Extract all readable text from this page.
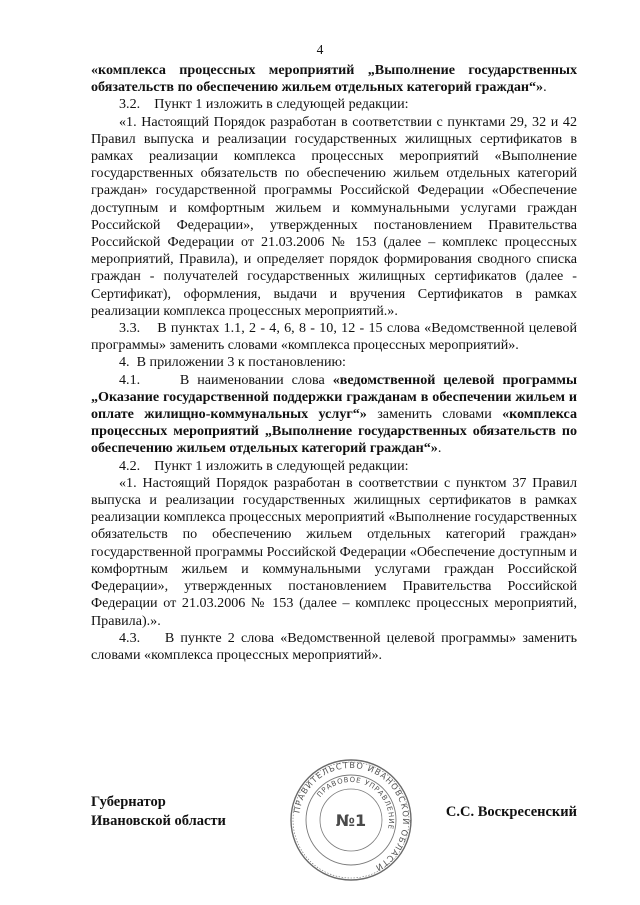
4

«комплекса процессных мероприятий „Выполнение государственных обязательств по обеспечению жильем отдельных категорий граждан“».

3.2.    Пункт 1 изложить в следующей редакции:

«1. Настоящий Порядок разработан в соответствии с пунктами 29, 32 и 42 Правил выпуска и реализации государственных жилищных сертификатов в рамках реализации комплекса процессных мероприятий «Выполнение государственных обязательств по обеспечению жильем отдельных категорий граждан» государственной программы Российской Федерации «Обеспечение доступным и комфортным жильем и коммунальными услугами граждан Российской Федерации», утвержденных постановлением Правительства Российской Федерации от 21.03.2006 № 153 (далее – комплекс процессных мероприятий, Правила), и определяет порядок формирования сводного списка граждан - получателей государственных жилищных сертификатов (далее - Сертификат), оформления, выдачи и вручения Сертификатов в рамках реализации комплекса процессных мероприятий.».

3.3.    В пунктах 1.1, 2 - 4, 6, 8 - 10, 12 - 15 слова «Ведомственной целевой программы» заменить словами «комплекса процессных мероприятий».

4.  В приложении 3 к постановлению:

4.1.     В наименовании слова «ведомственной целевой программы „Оказание государственной поддержки гражданам в обеспечении жильем и оплате жилищно-коммунальных услуг“» заменить словами «комплекса процессных мероприятий „Выполнение государственных обязательств по обеспечению жильем отдельных категорий граждан“».

4.2.    Пункт 1 изложить в следующей редакции:

«1. Настоящий Порядок разработан в соответствии с пунктом 37 Правил выпуска и реализации государственных жилищных сертификатов в рамках реализации комплекса процессных мероприятий «Выполнение государственных обязательств по обеспечению жильем отдельных категорий граждан» государственной программы Российской Федерации «Обеспечение доступным и комфортным жильем и коммунальными услугами граждан Российской Федерации», утвержденных постановлением Правительства Российской Федерации от 21.03.2006 № 153 (далее – комплекс процессных мероприятий, Правила).».

4.3.    В пункте 2 слова «Ведомственной целевой программы» заменить словами «комплекса процессных мероприятий».

Губернатор
Ивановской области
ПРАВИТЕЛЬСТВО ИВАНОВСКОЙ ОБЛАСТИ
ПРАВОВОЕ УПРАВЛЕНИЕ
№1	С.С. Воскресенский
